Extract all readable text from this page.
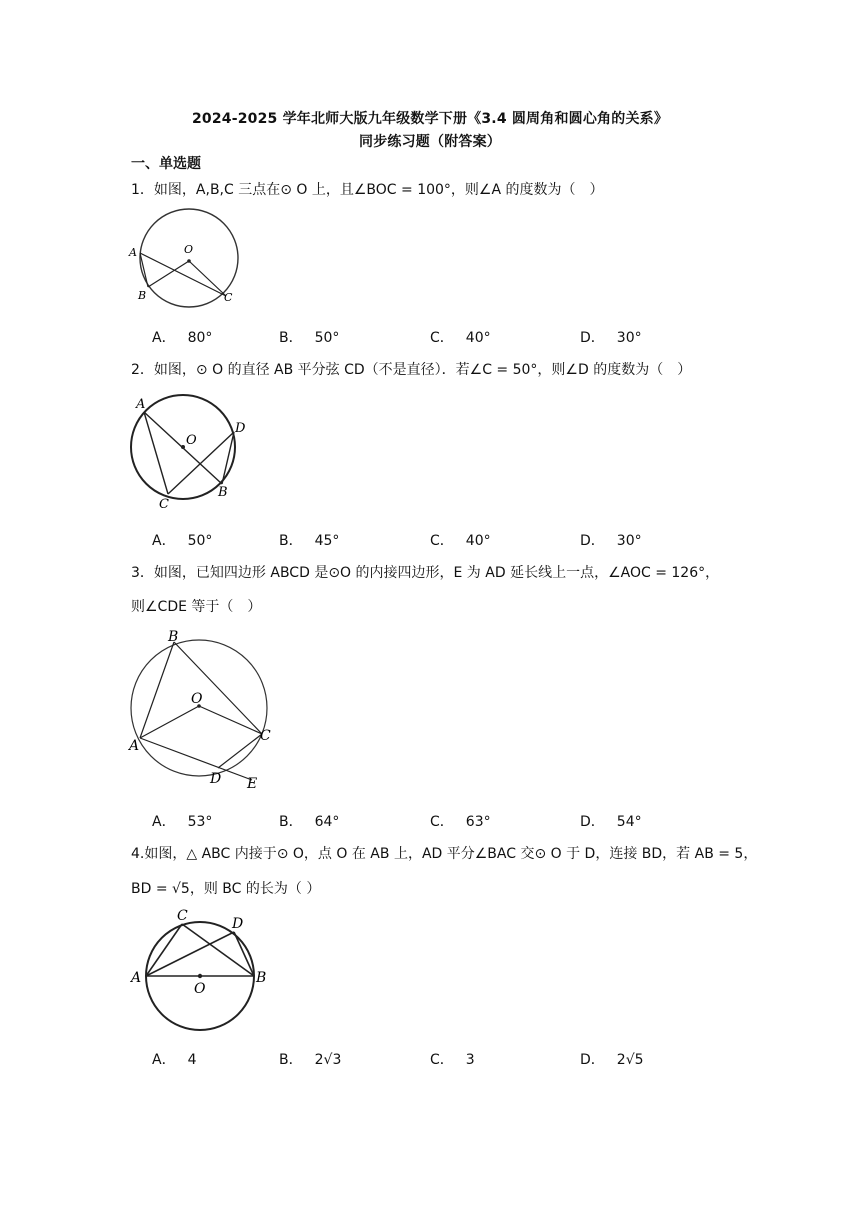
2024-2025 学年北师大版九年级数学下册《3.4 圆周角和圆心角的关系》
同步练习题（附答案）
一、单选题
1．如图，A,B,C 三点在⊙ O 上，且∠BOC = 100°，则∠A 的度数为（　）
A	O
B	C
A． 80°	B． 50°	C． 40°	D． 30°
2．如图，⊙ O 的直径 AB 平分弦 CD（不是直径）．若∠C = 50°，则∠D 的度数为（　）
A
O
D
B
C
A． 50°	B． 45°	C． 40°	D． 30°
3．如图，已知四边形 ABCD 是⊙O 的内接四边形，E 为 AD 延长线上一点，∠AOC = 126°，
则∠CDE 等于（　）
B
O
A
C
D E
A． 53°	B． 64°	C． 63°	D． 54°
4.如图，△ ABC 内接于⊙ O，点 O 在 AB 上，AD 平分∠BAC 交⊙ O 于 D，连接 BD，若 AB = 5，
BD = √5，则 BC 的长为（ ）
C	D
A
O
B
A． 4	B． 2√3	C． 3	D． 2√5
